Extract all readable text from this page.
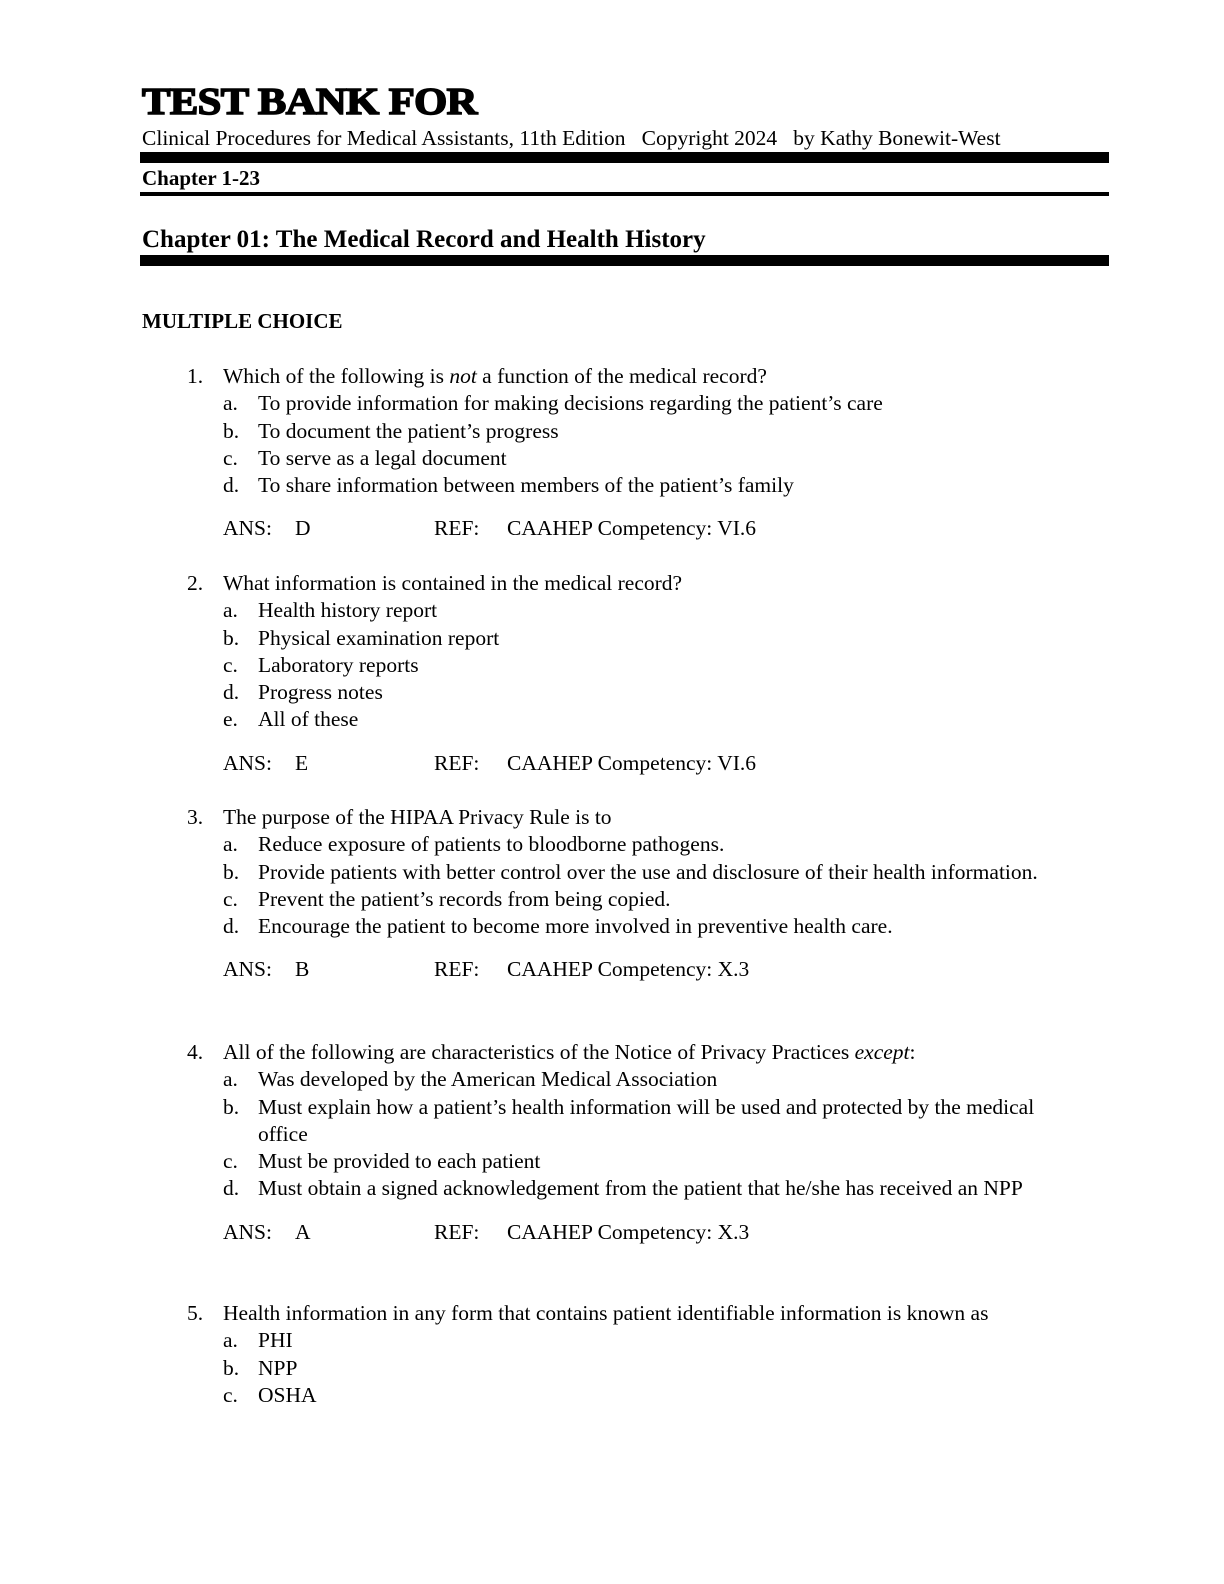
TEST BANK FOR
Clinical Procedures for Medical Assistants, 11th Edition   Copyright 2024   by Kathy Bonewit-West
Chapter 1-23
Chapter 01: The Medical Record and Health History
MULTIPLE CHOICE
1. Which of the following is not a function of the medical record?
a. To provide information for making decisions regarding the patient’s care
b. To document the patient’s progress
c. To serve as a legal document
d. To share information between members of the patient’s family
ANS: D	REF: CAAHEP Competency: VI.6
2. What information is contained in the medical record?
a. Health history report
b. Physical examination report
c. Laboratory reports
d. Progress notes
e. All of these
ANS: E	REF: CAAHEP Competency: VI.6
3. The purpose of the HIPAA Privacy Rule is to
a. Reduce exposure of patients to bloodborne pathogens.
b. Provide patients with better control over the use and disclosure of their health information.
c. Prevent the patient’s records from being copied.
d. Encourage the patient to become more involved in preventive health care.
ANS: B	REF: CAAHEP Competency: X.3
4. All of the following are characteristics of the Notice of Privacy Practices except:
a. Was developed by the American Medical Association
b. Must explain how a patient’s health information will be used and protected by the medical office
c. Must be provided to each patient
d. Must obtain a signed acknowledgement from the patient that he/she has received an NPP
ANS: A	REF: CAAHEP Competency: X.3
5. Health information in any form that contains patient identifiable information is known as
a. PHI
b. NPP
c. OSHA
